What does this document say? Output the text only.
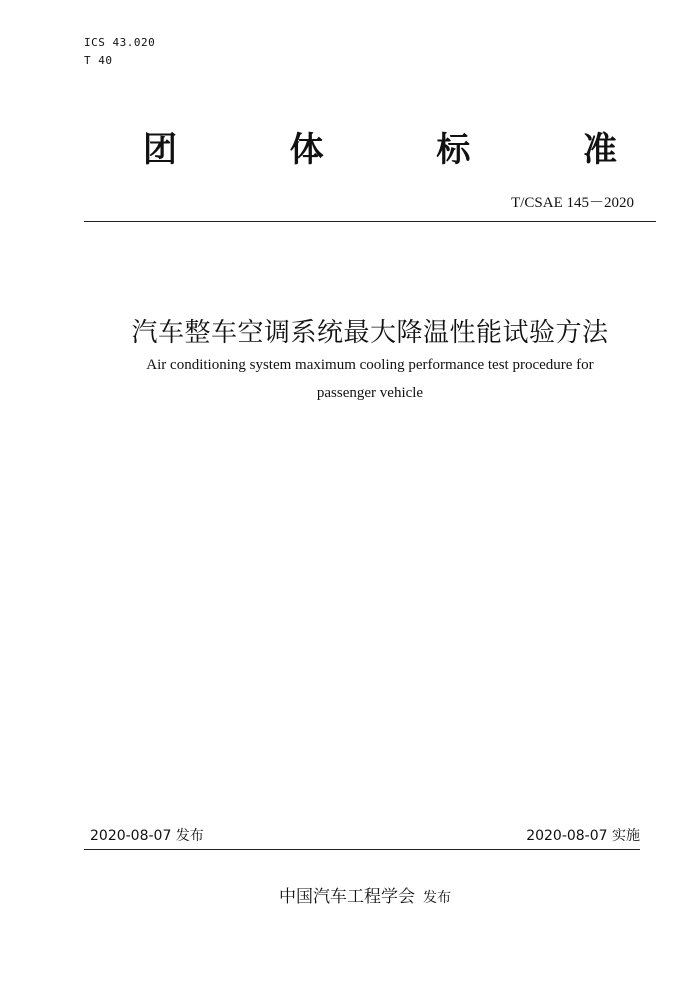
ICS 43.020
T 40
团	体	标	准
T/CSAE 145－2020
汽车整车空调系统最大降温性能试验方法
Air conditioning system maximum cooling performance test procedure for
passenger vehicle
2020-08-07 发布	2020-08-07 实施
中国汽车工程学会 发布
